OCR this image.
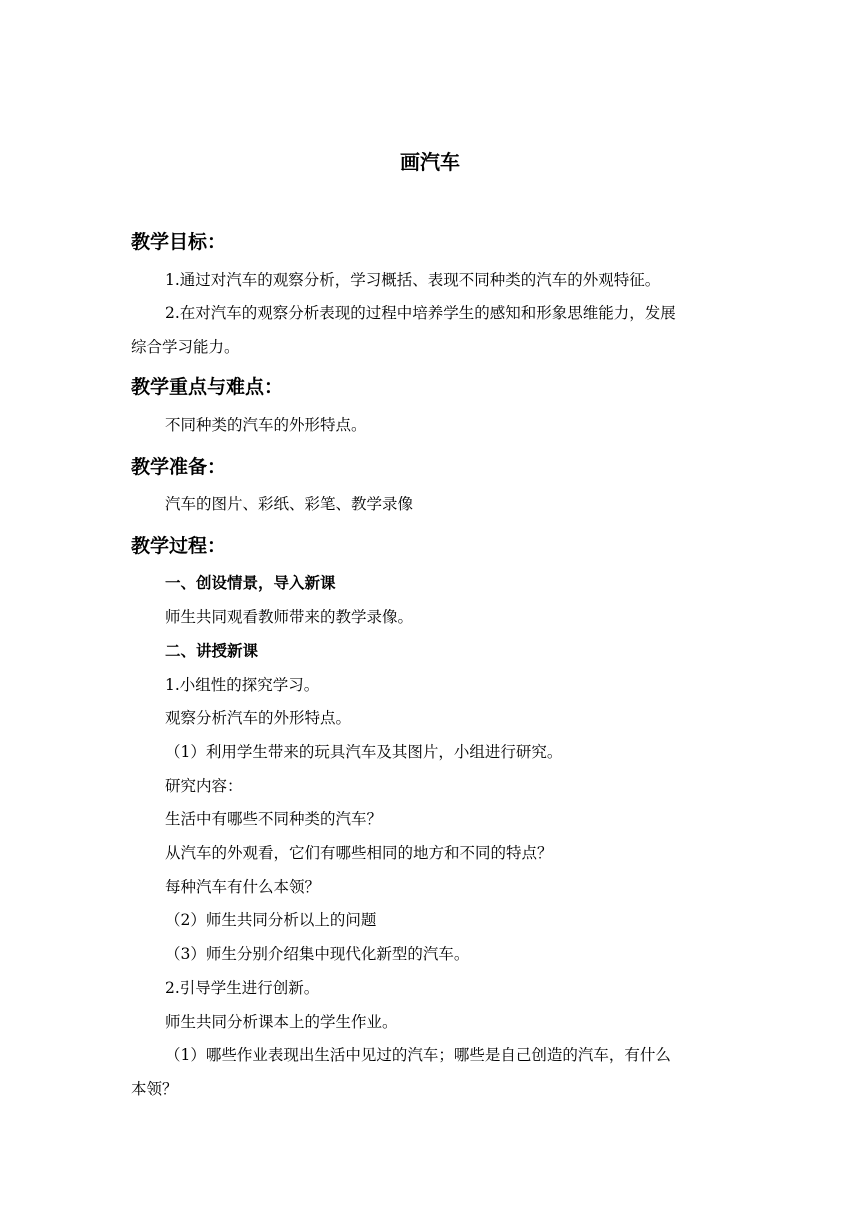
画汽车
教学目标：
1.通过对汽车的观察分析，学习概括、表现不同种类的汽车的外观特征。
2.在对汽车的观察分析表现的过程中培养学生的感知和形象思维能力，发展
综合学习能力。
教学重点与难点：
不同种类的汽车的外形特点。
教学准备：
汽车的图片、彩纸、彩笔、教学录像
教学过程：
一、创设情景，导入新课
师生共同观看教师带来的教学录像。
二、讲授新课
1.小组性的探究学习。
观察分析汽车的外形特点。
（1）利用学生带来的玩具汽车及其图片，小组进行研究。
研究内容：
生活中有哪些不同种类的汽车？
从汽车的外观看，它们有哪些相同的地方和不同的特点？
每种汽车有什么本领？
（2）师生共同分析以上的问题
（3）师生分别介绍集中现代化新型的汽车。
2.引导学生进行创新。
师生共同分析课本上的学生作业。
（1）哪些作业表现出生活中见过的汽车；哪些是自己创造的汽车，有什么
本领？
